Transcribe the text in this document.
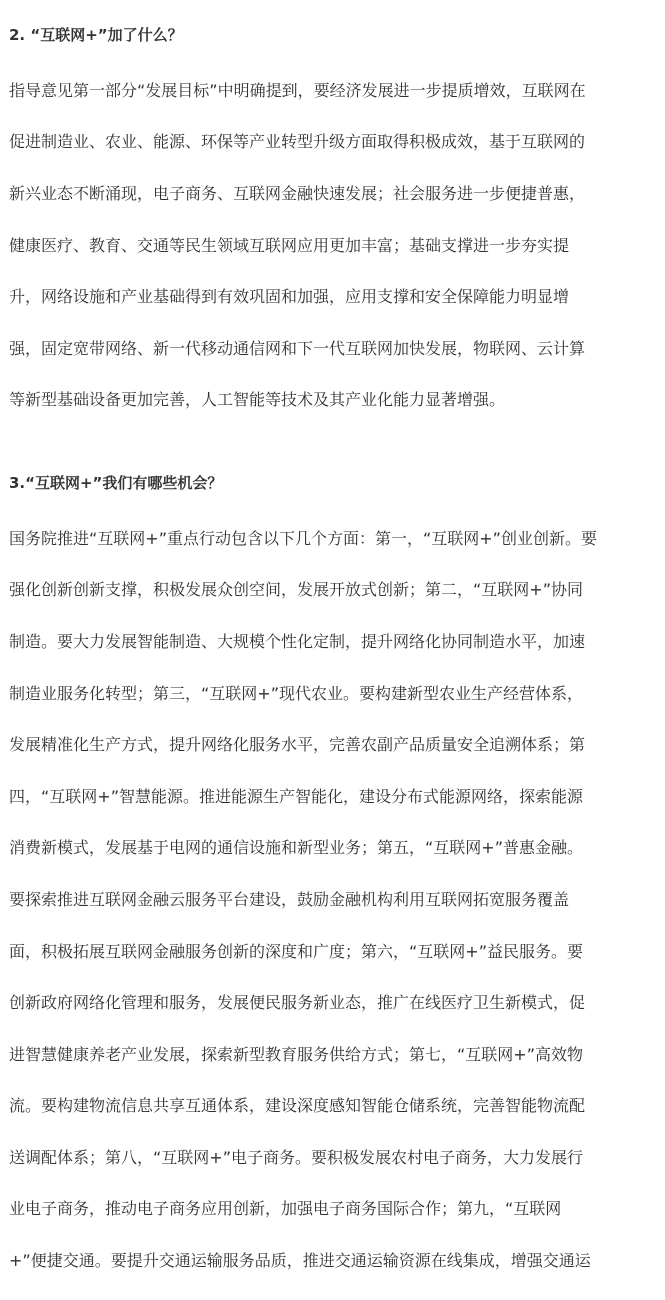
2. “互联网+”加了什么？

指导意见第一部分“发展目标”中明确提到，要经济发展进一步提质增效，互联网在

促进制造业、农业、能源、环保等产业转型升级方面取得积极成效，基于互联网的

新兴业态不断涌现，电子商务、互联网金融快速发展；社会服务进一步便捷普惠，

健康医疗、教育、交通等民生领域互联网应用更加丰富；基础支撑进一步夯实提

升，网络设施和产业基础得到有效巩固和加强，应用支撑和安全保障能力明显增

强，固定宽带网络、新一代移动通信网和下一代互联网加快发展，物联网、云计算

等新型基础设备更加完善，人工智能等技术及其产业化能力显著增强。

3.“互联网+”我们有哪些机会？

国务院推进“互联网+”重点行动包含以下几个方面：第一，“互联网+”创业创新。要

强化创新创新支撑，积极发展众创空间，发展开放式创新；第二，“互联网+”协同

制造。要大力发展智能制造、大规模个性化定制，提升网络化协同制造水平，加速

制造业服务化转型；第三，“互联网+”现代农业。要构建新型农业生产经营体系，

发展精准化生产方式，提升网络化服务水平，完善农副产品质量安全追溯体系；第

四，“互联网+”智慧能源。推进能源生产智能化，建设分布式能源网络，探索能源

消费新模式，发展基于电网的通信设施和新型业务；第五，“互联网+”普惠金融。

要探索推进互联网金融云服务平台建设，鼓励金融机构利用互联网拓宽服务覆盖

面，积极拓展互联网金融服务创新的深度和广度；第六，“互联网+”益民服务。要

创新政府网络化管理和服务，发展便民服务新业态，推广在线医疗卫生新模式，促

进智慧健康养老产业发展，探索新型教育服务供给方式；第七，“互联网+”高效物

流。要构建物流信息共享互通体系，建设深度感知智能仓储系统，完善智能物流配

送调配体系；第八，“互联网+”电子商务。要积极发展农村电子商务，大力发展行

业电子商务，推动电子商务应用创新，加强电子商务国际合作；第九，“互联网

+”便捷交通。要提升交通运输服务品质，推进交通运输资源在线集成，增强交通运
